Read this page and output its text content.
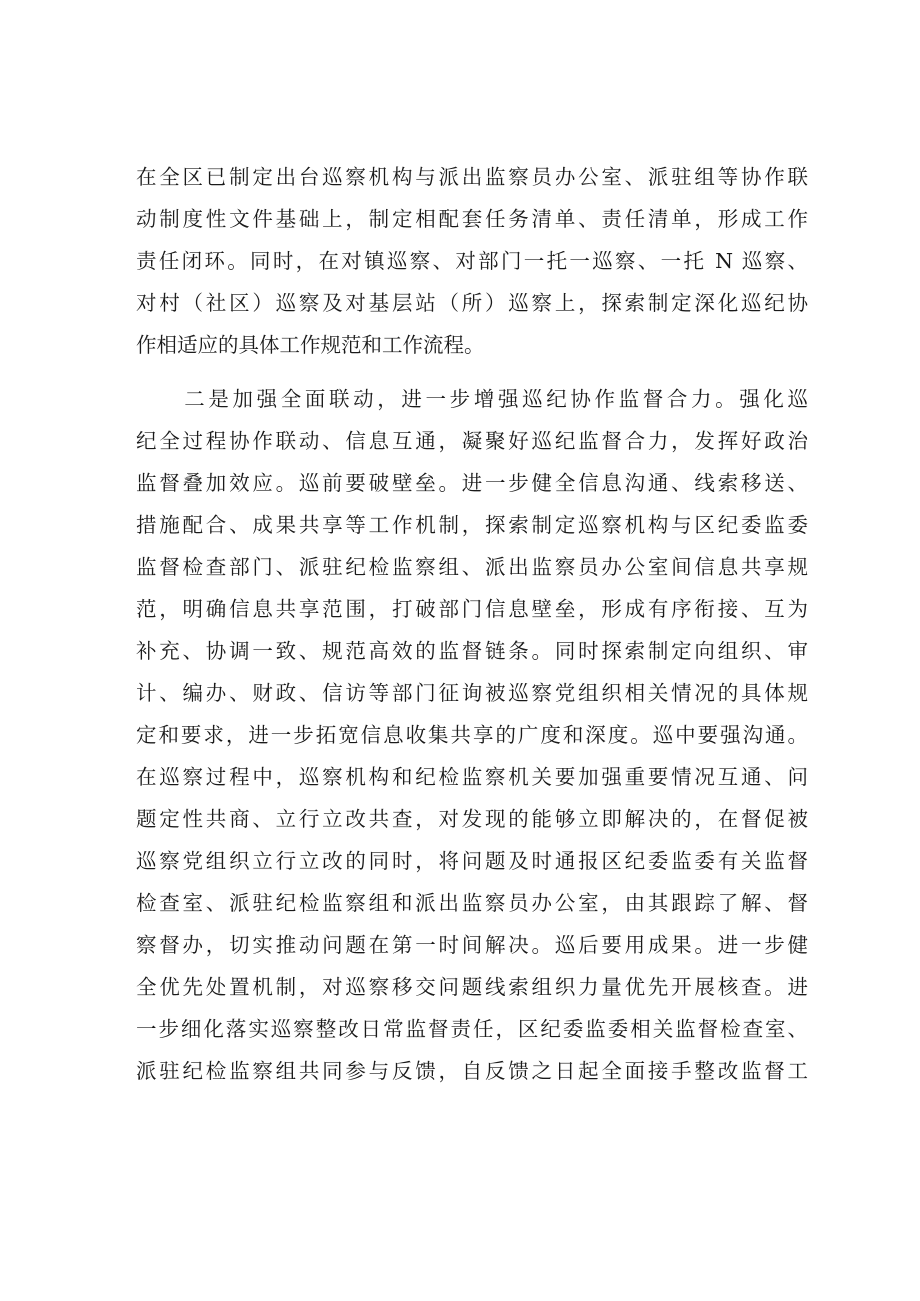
在全区已制定出台巡察机构与派出监察员办公室、派驻组等协作联
动制度性文件基础上，制定相配套任务清单、责任清单，形成工作
责任闭环。同时，在对镇巡察、对部门一托一巡察、一托 N 巡察、
对村（社区）巡察及对基层站（所）巡察上，探索制定深化巡纪协
作相适应的具体工作规范和工作流程。
　　二是加强全面联动，进一步增强巡纪协作监督合力。强化巡
纪全过程协作联动、信息互通，凝聚好巡纪监督合力，发挥好政治
监督叠加效应。巡前要破壁垒。进一步健全信息沟通、线索移送、
措施配合、成果共享等工作机制，探索制定巡察机构与区纪委监委
监督检查部门、派驻纪检监察组、派出监察员办公室间信息共享规
范，明确信息共享范围，打破部门信息壁垒，形成有序衔接、互为
补充、协调一致、规范高效的监督链条。同时探索制定向组织、审
计、编办、财政、信访等部门征询被巡察党组织相关情况的具体规
定和要求，进一步拓宽信息收集共享的广度和深度。巡中要强沟通。
在巡察过程中，巡察机构和纪检监察机关要加强重要情况互通、问
题定性共商、立行立改共查，对发现的能够立即解决的，在督促被
巡察党组织立行立改的同时，将问题及时通报区纪委监委有关监督
检查室、派驻纪检监察组和派出监察员办公室，由其跟踪了解、督
察督办，切实推动问题在第一时间解决。巡后要用成果。进一步健
全优先处置机制，对巡察移交问题线索组织力量优先开展核查。进
一步细化落实巡察整改日常监督责任，区纪委监委相关监督检查室、
派驻纪检监察组共同参与反馈，自反馈之日起全面接手整改监督工
